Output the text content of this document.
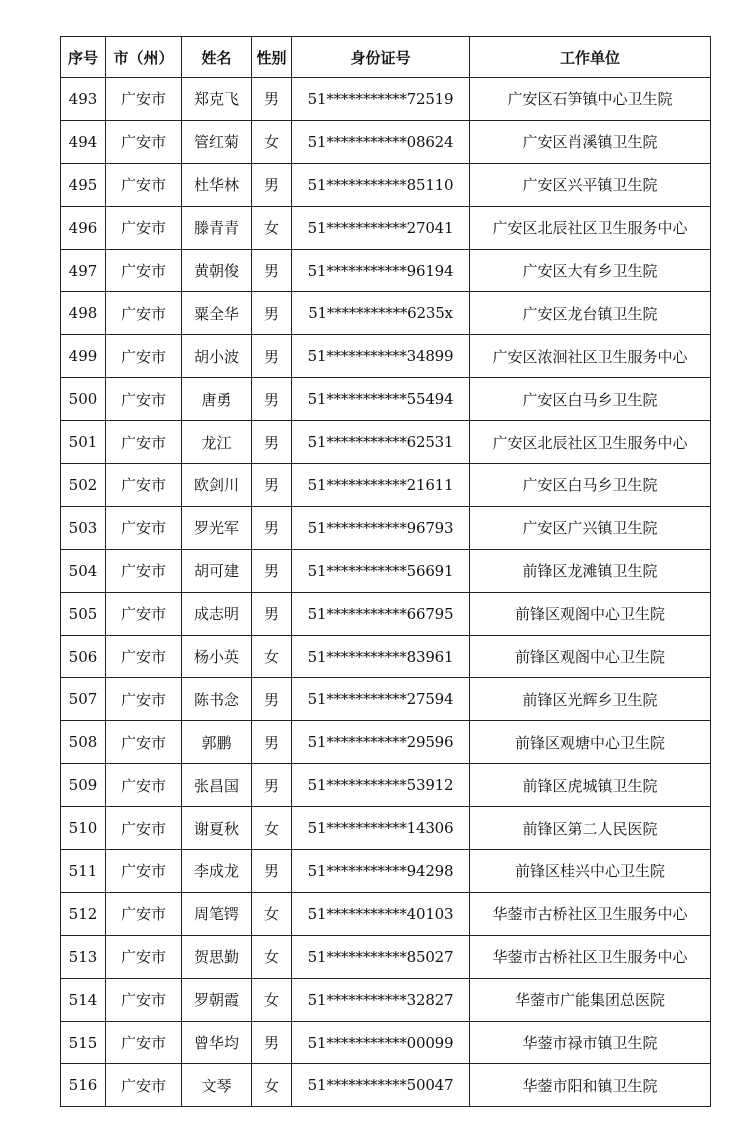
序号	市（州）	姓名	性别	身份证号	工作单位
493	广安市	郑克飞	男	51***********72519	广安区石笋镇中心卫生院
494	广安市	管红菊	女	51***********08624	广安区肖溪镇卫生院
495	广安市	杜华林	男	51***********85110	广安区兴平镇卫生院
496	广安市	滕青青	女	51***********27041	广安区北辰社区卫生服务中心
497	广安市	黄朝俊	男	51***********96194	广安区大有乡卫生院
498	广安市	粟全华	男	51***********6235x	广安区龙台镇卫生院
499	广安市	胡小波	男	51***********34899	广安区浓洄社区卫生服务中心
500	广安市	唐勇	男	51***********55494	广安区白马乡卫生院
501	广安市	龙江	男	51***********62531	广安区北辰社区卫生服务中心
502	广安市	欧剑川	男	51***********21611	广安区白马乡卫生院
503	广安市	罗光军	男	51***********96793	广安区广兴镇卫生院
504	广安市	胡可建	男	51***********56691	前锋区龙滩镇卫生院
505	广安市	成志明	男	51***********66795	前锋区观阁中心卫生院
506	广安市	杨小英	女	51***********83961	前锋区观阁中心卫生院
507	广安市	陈书念	男	51***********27594	前锋区光辉乡卫生院
508	广安市	郭鹏	男	51***********29596	前锋区观塘中心卫生院
509	广安市	张昌国	男	51***********53912	前锋区虎城镇卫生院
510	广安市	谢夏秋	女	51***********14306	前锋区第二人民医院
511	广安市	李成龙	男	51***********94298	前锋区桂兴中心卫生院
512	广安市	周笔锷	女	51***********40103	华蓥市古桥社区卫生服务中心
513	广安市	贺思勤	女	51***********85027	华蓥市古桥社区卫生服务中心
514	广安市	罗朝霞	女	51***********32827	华蓥市广能集团总医院
515	广安市	曾华均	男	51***********00099	华蓥市禄市镇卫生院
516	广安市	文琴	女	51***********50047	华蓥市阳和镇卫生院
